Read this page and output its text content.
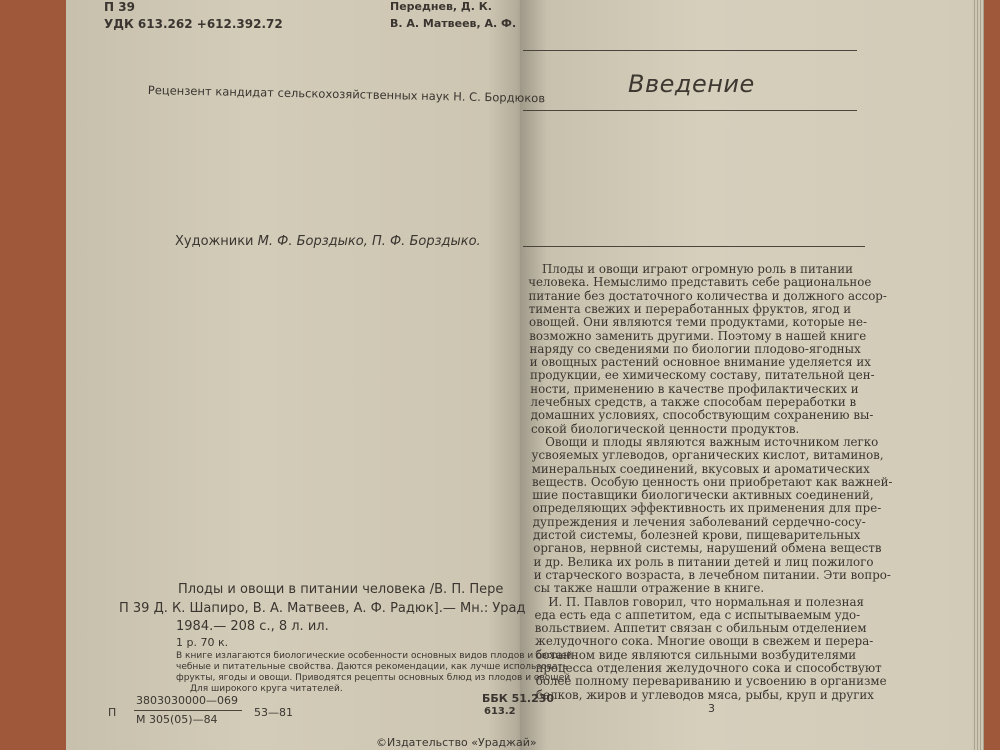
П 39
УДК 613.262 +612.392.72
Переднев, Д. К.
В. А. Матвеев, А. Ф.
Рецензент кандидат сельскохозяйственных наук Н. С. Бордюков
Художники М. Ф. Борздыко, П. Ф. Борздыко.
Плоды и овощи в питании человека /В. П. Пере
П 39 Д. К. Шапиро, В. А. Матвеев, А. Ф. Радюк].— Мн.: Урад
1984.— 208 с., 8 л. ил.
1 р. 70 к.
В книге излагаются биологические особенности основных видов плодов и овощей
чебные и питательные свойства. Даются рекомендации, как лучше использовать
фрукты, ягоды и овощи. Приводятся рецепты основных блюд из плодов и овощей
Для широкого круга читателей.
ББК 51.230
613.2
П
3803030000—069
М 305(05)—84
53—81
©Издательство «Ураджай»
Введение
Плоды и овощи играют огромную роль в питании
человека. Немыслимо представить себе рациональное
питание без достаточного количества и должного ассор-
тимента свежих и переработанных фруктов, ягод и
овощей. Они являются теми продуктами, которые не-
возможно заменить другими. Поэтому в нашей книге
наряду со сведениями по биологии плодово-ягодных
и овощных растений основное внимание уделяется их
продукции, ее химическому составу, питательной цен-
ности, применению в качестве профилактических и
лечебных средств, а также способам переработки в
домашних условиях, способствующим сохранению вы-
сокой биологической ценности продуктов.
Овощи и плоды являются важным источником легко
усвояемых углеводов, органических кислот, витаминов,
минеральных соединений, вкусовых и ароматических
веществ. Особую ценность они приобретают как важней-
шие поставщики биологически активных соединений,
определяющих эффективность их применения для пре-
дупреждения и лечения заболеваний сердечно-сосу-
дистой системы, болезней крови, пищеварительных
органов, нервной системы, нарушений обмена веществ
и др. Велика их роль в питании детей и лиц пожилого
и старческого возраста, в лечебном питании. Эти вопро-
сы также нашли отражение в книге.
И. П. Павлов говорил, что нормальная и полезная
еда есть еда с аппетитом, еда с испытываемым удо-
вольствием. Аппетит связан с обильным отделением
желудочного сока. Многие овощи в свежем и перера-
ботанном виде являются сильными возбудителями
процесса отделения желудочного сока и способствуют
более полному перевариванию и усвоению в организме
белков, жиров и углеводов мяса, рыбы, круп и других
3
